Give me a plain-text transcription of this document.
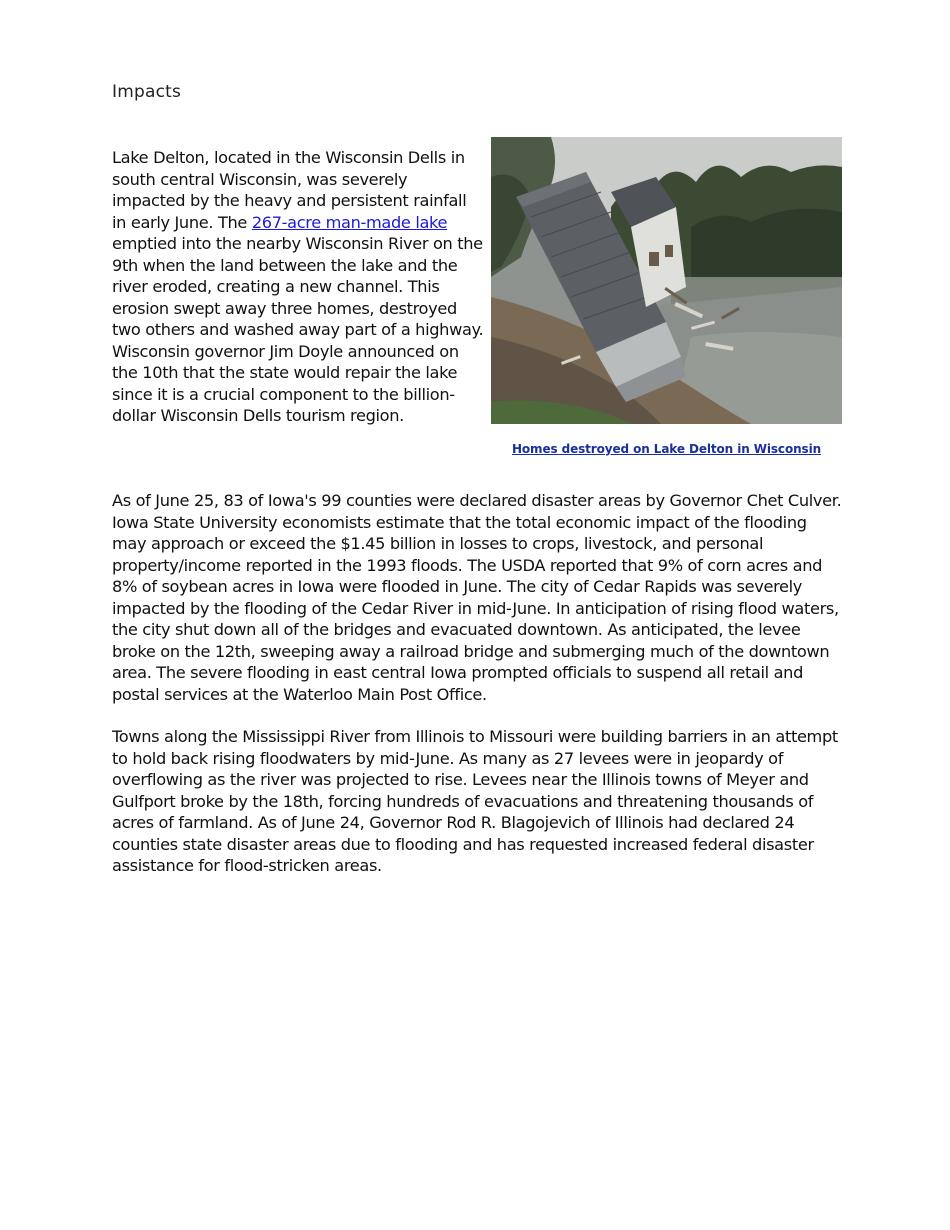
Impacts

Lake Delton, located in the Wisconsin Dells in south central Wisconsin, was severely impacted by the heavy and persistent rainfall in early June. The 267-acre man-made lake emptied into the nearby Wisconsin River on the 9th when the land between the lake and the river eroded, creating a new channel. This erosion swept away three homes, destroyed two others and washed away part of a highway. Wisconsin governor Jim Doyle announced on the 10th that the state would repair the lake since it is a crucial component to the billion-dollar Wisconsin Dells tourism region.

Homes destroyed on Lake Delton in Wisconsin

As of June 25, 83 of Iowa's 99 counties were declared disaster areas by Governor Chet Culver. Iowa State University economists estimate that the total economic impact of the flooding may approach or exceed the $1.45 billion in losses to crops, livestock, and personal property/income reported in the 1993 floods. The USDA reported that 9% of corn acres and 8% of soybean acres in Iowa were flooded in June. The city of Cedar Rapids was severely impacted by the flooding of the Cedar River in mid-June. In anticipation of rising flood waters, the city shut down all of the bridges and evacuated downtown. As anticipated, the levee broke on the 12th, sweeping away a railroad bridge and submerging much of the downtown area. The severe flooding in east central Iowa prompted officials to suspend all retail and postal services at the Waterloo Main Post Office.

Towns along the Mississippi River from Illinois to Missouri were building barriers in an attempt to hold back rising floodwaters by mid-June. As many as 27 levees were in jeopardy of overflowing as the river was projected to rise. Levees near the Illinois towns of Meyer and Gulfport broke by the 18th, forcing hundreds of evacuations and threatening thousands of acres of farmland. As of June 24, Governor Rod R. Blagojevich of Illinois had declared 24 counties state disaster areas due to flooding and has requested increased federal disaster assistance for flood-stricken areas.
